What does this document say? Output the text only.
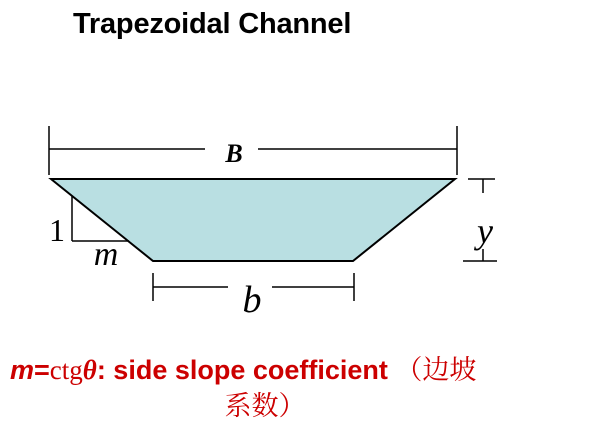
Trapezoidal Channel
B
1
m
y
b
m=ctgθ: side slope coefficient （边坡
系数）
